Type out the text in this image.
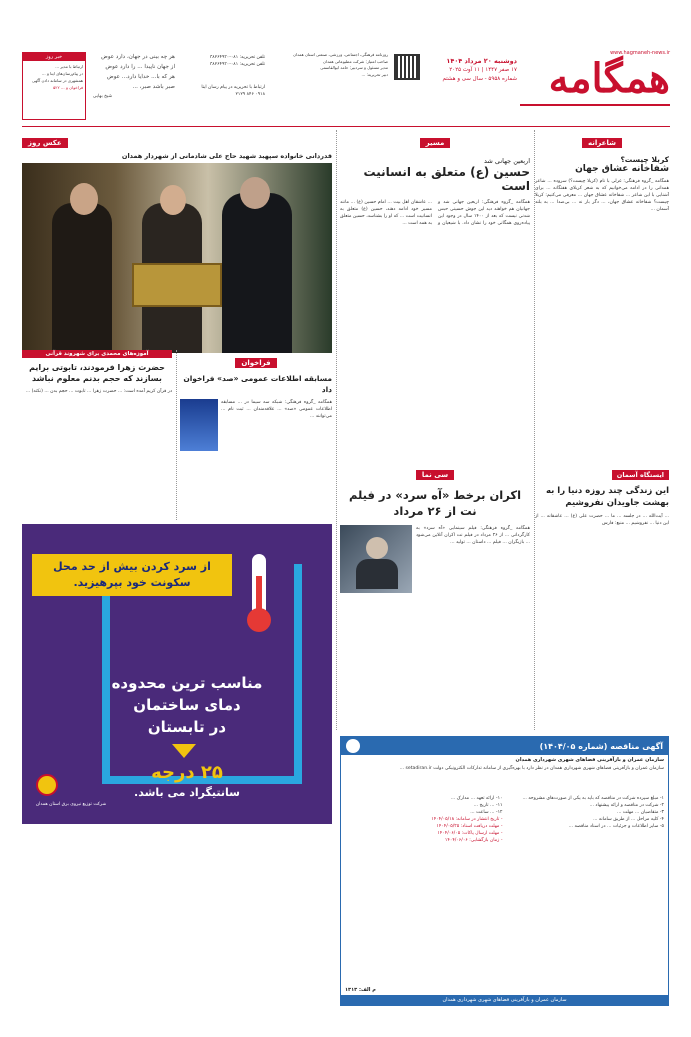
www.hagmaneh-news.ir
همگامه
دوشنبه ۲۰ مرداد ۱۴۰۴
۱۷ صفر ۱۴۴۷ | ۱۱ آوت ۲۰۲۵
شماره ۵۹۵۸ - سال سی و هشتم
روزنامه فرهنگی، اجتماعی، ورزشی، صنعتی استان همدان
صاحب امتیاز: شرکت مطبوعاتی همدان
مدیر مسئول و سردبیر: حامد ابوالقاسمی
دبیر تحریریه: ...
تلفن تحریریه: ۰۸۱-۳۸۲۶۴۹۳۰
تلفن تحریریه: ۰۸۱-۳۸۲۶۴۹۳۰
ارتباط با تحریریه در پیام رسان ایتا
۰۹۱۸ ۸۴۶ ۲۱۲۹
هر چه بینی در جهان، دارد عوض
از جهان ناپیدا ... را دارد عوض
هر که با... خدایا دارد... عوض
صبر باشد صبر، ...
شیخ بهایی
خبر روز
ارتباط با مدیر ...
در پیام‌رسان‌های ایتا و ...
همشهری در سامانه دادن آگهی
فراخوان و ... ۵۲۲
شاعرانه
کربلا چیست؟
شفاخانه عشاق جهان
همگامه _گروه فرهنگی: غزلی با نام (کربلا چیست؟) سروده ... شاعر همدانی را در ادامه می‌خوانیم که به شعر کربلای هفتگانه ... برای آشنایی با این شاعر ... شفاخانه عشاق جهان ... معرفی می‌کنیم: کربلا چیست؟ شفاخانه عشاق جهان، ... دگر بار نه ... بی‌صدا ... به بلند آسمان ...
ایستگاه آسمان
این زندگی چند روزه دنیا را به بهشت جاویدان نفروشیم
... آیت‌الله ... در جلسه ... ما ... حضرت علی (ع) ... عاشقانه ... از این دنیا ... نفروشیم ... منبع: فارس
مسیر
اربعین جهانی شد
حسین (ع) متعلق به انسانیت است
همگامه _گروه فرهنگی: اربعین جهانی شد و جهانیان هم خواهند دید این جوش حسینی حبس شدنی نیست که بعد از ۱۴۰۰ سال در وجود این پیاده‌روی همگانی خود را نشان داد. با شیعیان و ... عاشقان اهل بیت ... امام حسین (ع) ... مانند مسیر خود ادامه دهند، حسین (ع) متعلق به انسانیت است ... که او را بشناسد، حسین متعلق به همه است ...
سی نما
اکران برخط «آه سرد» در فیلم نت از ۲۶ مرداد
همگامه _گروه فرهنگی: فیلم سینمایی «آه سرد» به کارگردانی ... از ۲۶ مرداد در فیلم نت اکران آنلاین می‌شود ... بازیگران ... فیلم ... داستان ... تولید ...
عکس روز
قدردانی خانواده سپهبد شهید حاج علی شادمانی از شهردار همدان
آموزه‌های محمدی برای شهروند قرآنی
حضرت زهرا فرمودند، تابوتی برایم بسازند که حجم بدنم معلوم نباشد
در قرآن کریم آمده است: ... حضرت زهرا ... تابوت ... حجم بدن ... (نکته) ...
فراخوان
مسابقه اطلاعات عمومی «صد» فراخوان داد
همگامه _گروه فرهنگی: شبکه سه سیما در ... مسابقه اطلاعات عمومی «صد» ... علاقه‌مندان ... ثبت نام ... می‌توانند ...
از سرد کردن بیش از حد محل سکونت خود بپرهیزید.
مناسب ترین محدوده
دمای ساختمان
در تابستان
۲۵ درجه
سانتیگراد می باشد.
شرکت توزیع نیروی برق استان همدان
آگهی مناقصه (شماره ۱۴۰۴/۰۵)
سازمان عمران و بازآفرینی فضاهای شهری شهرداری همدان
سازمان عمران و بازآفرینی فضاهای شهری شهرداری همدان در نظر دارد با بهره‌گیری از سامانه تدارکات الکترونیکی دولت setadiran.ir ...
۱- مبلغ سپرده شرکت در مناقصه که باید به یکی از صورت‌های مشروحه ...
۲- شرکت در مناقصه و ارائه پیشنهاد ...
۳- متقاضیان ... مهلت ...
۴- کلیه مراحل ... از طریق سامانه ...
۵- سایر اطلاعات و جزئیات ... در اسناد مناقصه ...
۱۰- ارائه تعهد ... مدارک ...
۱۱- ... تاریخ ...
۱۲- ... ساعت ...
- تاریخ انتشار در سامانه: ۱۴۰۴/۰۵/۱۸
- مهلت دریافت اسناد: ۱۴۰۴/۰۵/۲۵
- مهلت ارسال پاکات: ۱۴۰۴/۰۶/۰۵
- زمان بازگشایی: ۱۴۰۴/۰۶/۰۶
سازمان عمران و بازآفرینی فضاهای شهری شهرداری همدان
م الف: ۱۳۱۳
